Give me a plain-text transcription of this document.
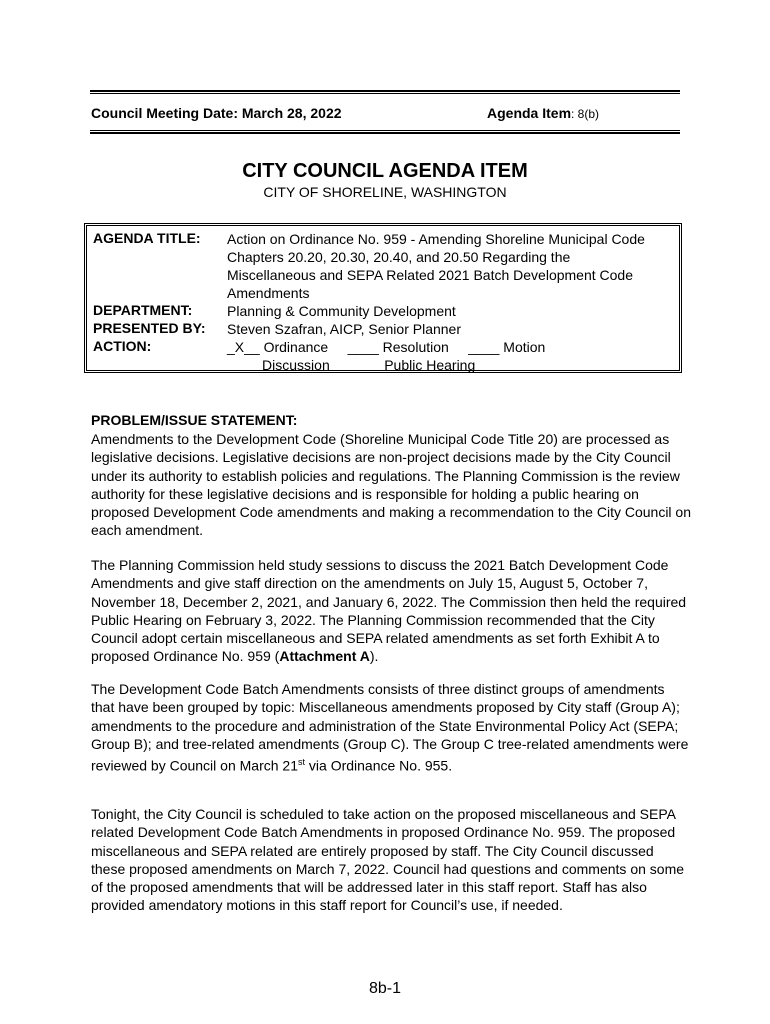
Council Meeting Date: March 28, 2022	Agenda Item: 8(b)
CITY COUNCIL AGENDA ITEM
CITY OF SHORELINE, WASHINGTON
AGENDA TITLE: Action on Ordinance No. 959 - Amending Shoreline Municipal Code
Chapters 20.20, 20.30, 20.40, and 20.50 Regarding the
Miscellaneous and SEPA Related 2021 Batch Development Code
Amendments
DEPARTMENT: Planning & Community Development
PRESENTED BY: Steven Szafran, AICP, Senior Planner
ACTION:	_X__ Ordinance     ____ Resolution     ____ Motion
____ Discussion     ____ Public Hearing
PROBLEM/ISSUE STATEMENT:

Amendments to the Development Code (Shoreline Municipal Code Title 20) are processed as legislative decisions. Legislative decisions are non-project decisions made by the City Council under its authority to establish policies and regulations. The Planning Commission is the review authority for these legislative decisions and is responsible for holding a public hearing on proposed Development Code amendments and making a recommendation to the City Council on each amendment.

The Planning Commission held study sessions to discuss the 2021 Batch Development Code Amendments and give staff direction on the amendments on July 15, August 5, October 7, November 18, December 2, 2021, and January 6, 2022. The Commission then held the required Public Hearing on February 3, 2022. The Planning Commission recommended that the City Council adopt certain miscellaneous and SEPA related amendments as set forth Exhibit A to proposed Ordinance No. 959 (Attachment A).

The Development Code Batch Amendments consists of three distinct groups of amendments that have been grouped by topic: Miscellaneous amendments proposed by City staff (Group A); amendments to the procedure and administration of the State Environmental Policy Act (SEPA; Group B); and tree-related amendments (Group C). The Group C tree-related amendments were reviewed by Council on March 21st via Ordinance No. 955.

Tonight, the City Council is scheduled to take action on the proposed miscellaneous and SEPA related Development Code Batch Amendments in proposed Ordinance No. 959. The proposed miscellaneous and SEPA related are entirely proposed by staff. The City Council discussed these proposed amendments on March 7, 2022. Council had questions and comments on some of the proposed amendments that will be addressed later in this staff report. Staff has also provided amendatory motions in this staff report for Council’s use, if needed.

8b-1
